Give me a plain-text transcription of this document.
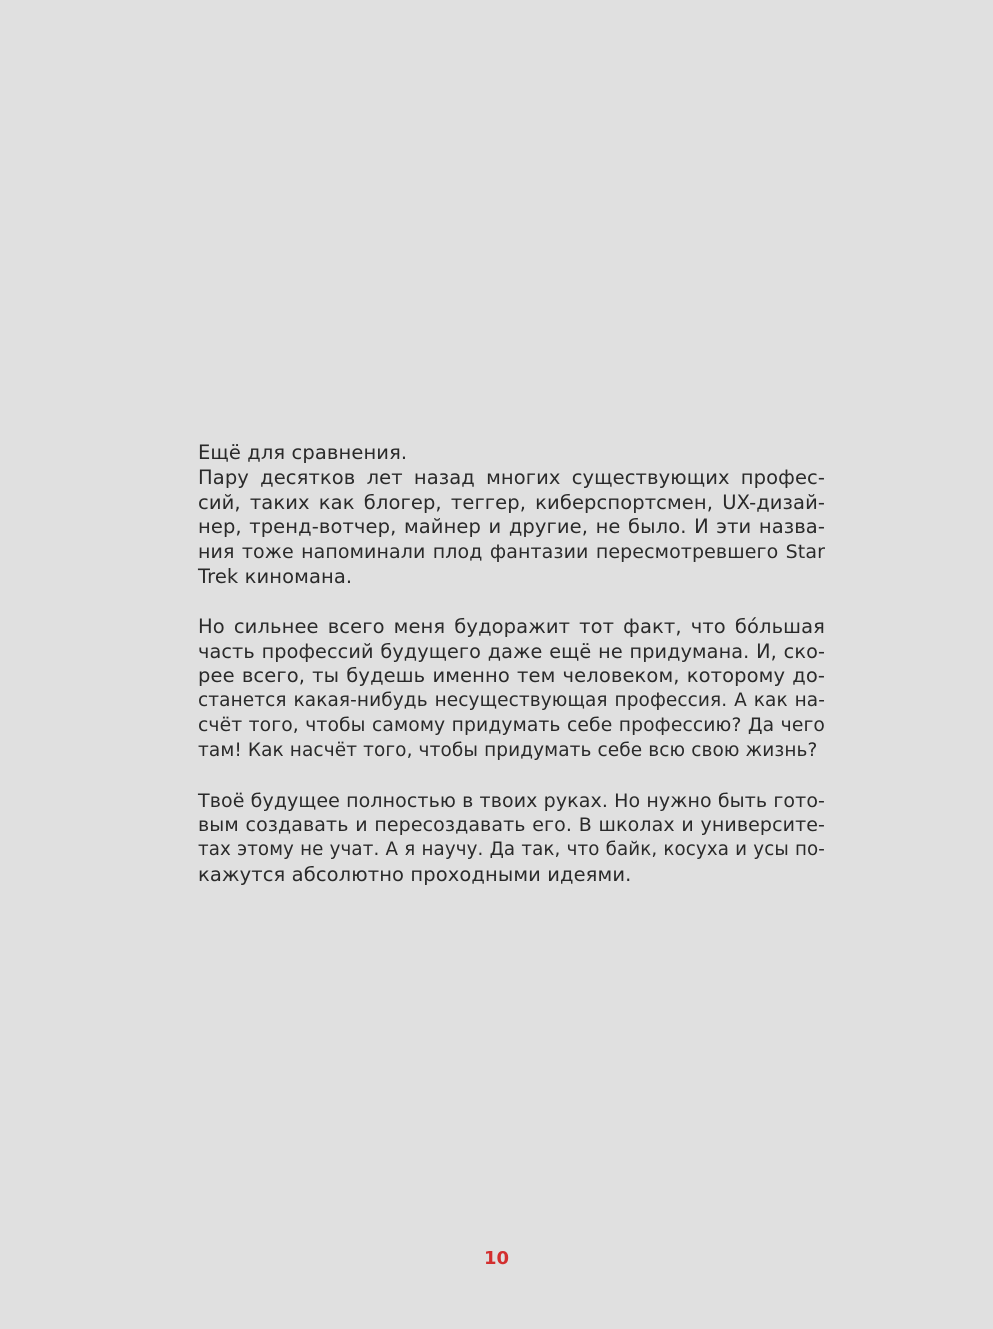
Ещё для сравнения.
Пару десятков лет назад многих существующих профес-
сий, таких как блогер, теггер, киберспортсмен, UX-дизай-
нер, тренд-вотчер, майнер и другие, не было. И эти назва-
ния тоже напоминали плод фантазии пересмотревшего Star
Trek киномана.
Но сильнее всего меня будоражит тот факт, что бóльшая
часть профессий будущего даже ещё не придумана. И, ско-
рее всего, ты будешь именно тем человеком, которому до-
станется какая-нибудь несуществующая профессия. А как на-
счёт того, чтобы самому придумать себе профессию? Да чего
там! Как насчёт того, чтобы придумать себе всю свою жизнь?
Твоё будущее полностью в твоих руках. Но нужно быть гото-
вым создавать и пересоздавать его. В школах и университе-
тах этому не учат. А я научу. Да так, что байк, косуха и усы по-
кажутся абсолютно проходными идеями.
10
